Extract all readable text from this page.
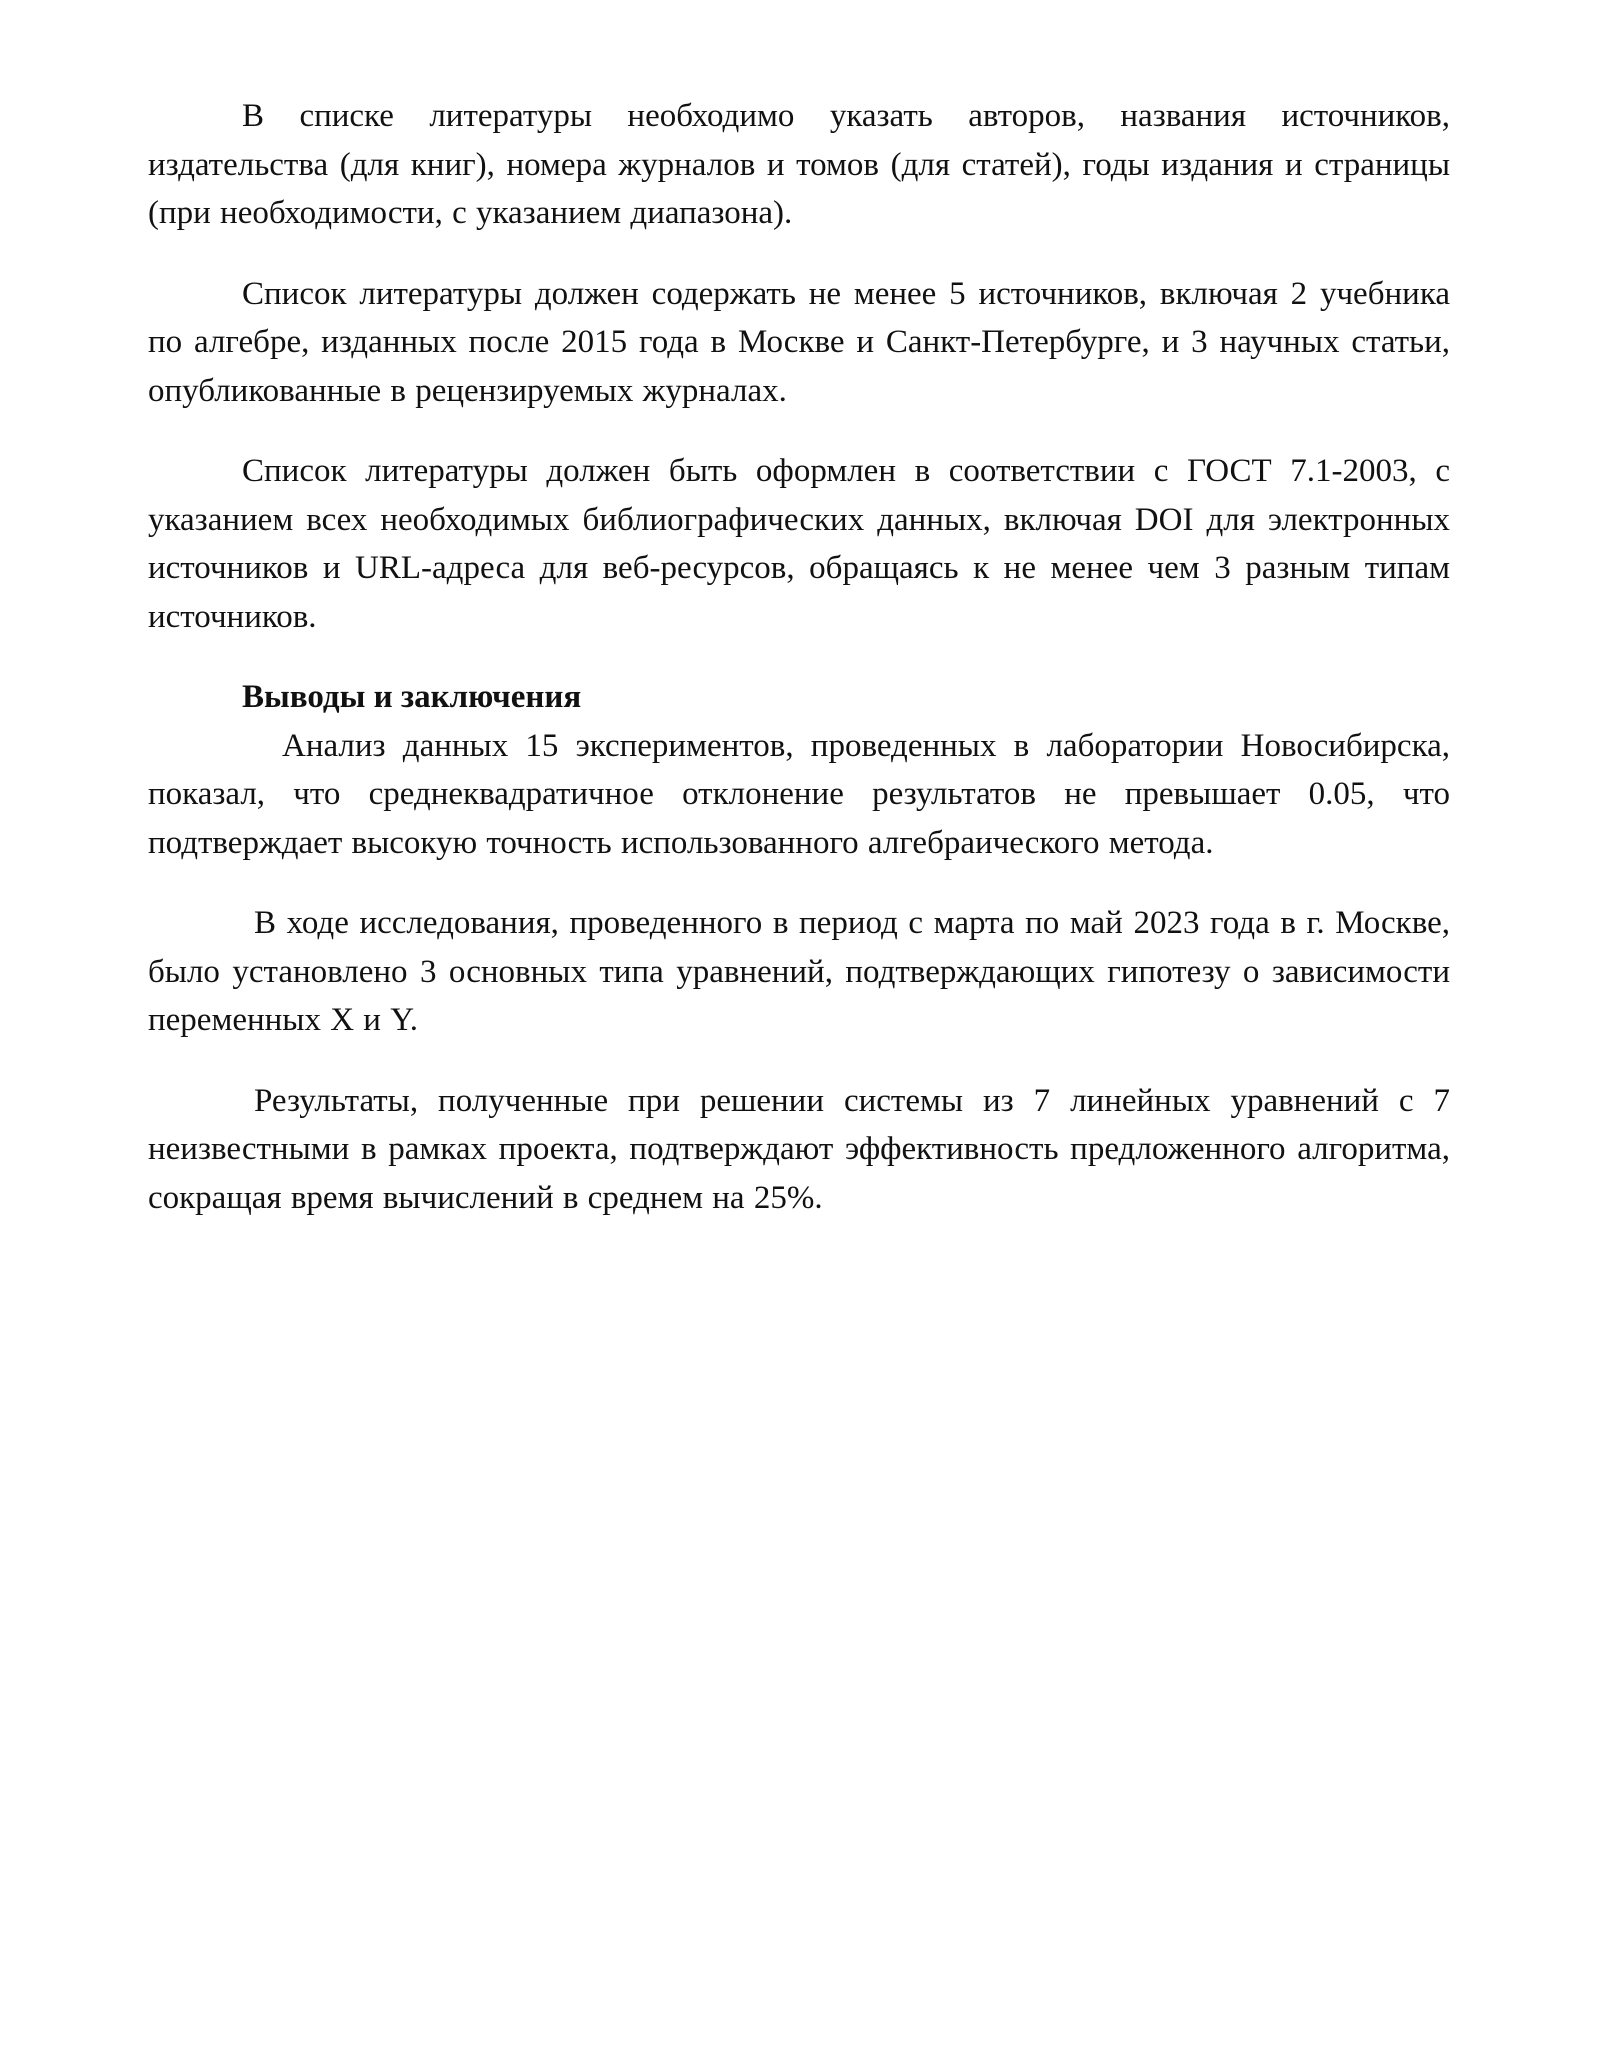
В списке литературы необходимо указать авторов, названия источников, издательства (для книг), номера журналов и томов (для статей), годы издания и страницы (при необходимости, с указанием диапазона).

Список литературы должен содержать не менее 5 источников, включая 2 учебника по алгебре, изданных после 2015 года в Москве и Санкт-Петербурге, и 3 научных статьи, опубликованные в рецензируемых журналах.

Список литературы должен быть оформлен в соответствии с ГОСТ 7.1-2003, с указанием всех необходимых библиографических данных, включая DOI для электронных источников и URL-адреса для веб-ресурсов, обращаясь к не менее чем 3 разным типам источников.

Выводы и заключения

Анализ данных 15 экспериментов, проведенных в лаборатории Новосибирска, показал, что среднеквадратичное отклонение результатов не превышает 0.05, что подтверждает высокую точность использованного алгебраического метода.

В ходе исследования, проведенного в период с марта по май 2023 года в г. Москве, было установлено 3 основных типа уравнений, подтверждающих гипотезу о зависимости переменных X и Y.

Результаты, полученные при решении системы из 7 линейных уравнений с 7 неизвестными в рамках проекта, подтверждают эффективность предложенного алгоритма, сокращая время вычислений в среднем на 25%.
